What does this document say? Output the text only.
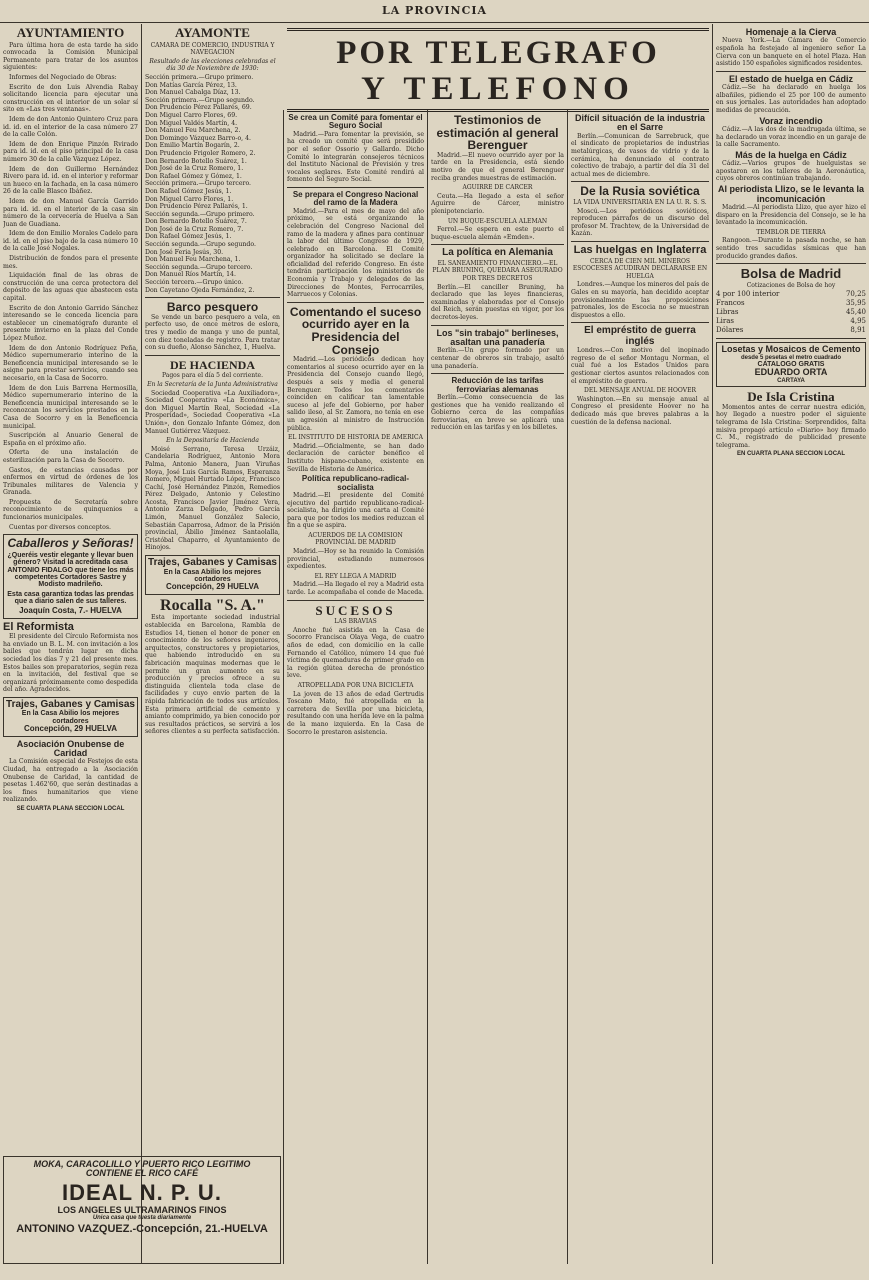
LA PROVINCIA
POR TELEGRAFO
Y TELEFONO
AYUNTAMIENTO

Para última hora de esta tarde ha sido convocada la Comisión Municipal Permanente para tratar de los asuntos siguientes:

Informes del Negociado de Obras:

Escrito de don Luis Alvendia Rabay solicitando licencia para ejecutar una construcción en el interior de un solar sí sito en «Las tres ventanas».

Idem de don Antonio Quintero Cruz para id. id. en el interior de la casa número 27 de la calle Colón.

Idem de don Enrique Pinzón Rvirado para id. id. en el piso principal de la casa número 30 de la calle Vázquez López.

Idem de don Guillermo Hernández Rivero para id. id. en el interior y reformar un hueco en la fachada, en la casa número 26 de la calle Blasco Ibáñez.

Idem de don Manuel García Garrido para id. id. en el interior de la casa sin número de la cervecería de Huelva a San Juan de Guadiana.

Idem de don Emilio Morales Cadelo para id. id. en el piso bajo de la casa número 10 de la calle José Nogales.

Distribución de fondos para el presente mes.

Liquidación final de las obras de construcción de una cerca protectora del depósito de las aguas que abastecen esta capital.

Escrito de don Antonio Garrido Sánchez interesando se le conceda licencia para establecer un cinematógrafo durante el presente invierno en la plaza del Conde López Muñoz.

Idem de don Antonio Rodríguez Peña, Médico supernumerario interino de la Beneficencia municipal interesando se le asigne para prestar servicios, cuando sea necesario, en la Casa de Socorro.

Idem de don Luis Barrena Hermosilla, Médico supernumerario interino de la Beneficencia municipal interesando se le reconozcan los servicios prestados en la Casa de Socorro y en la Beneficencia municipal.

Suscripción al Anuario General de España en el próximo año.

Oferta de una instalación de esterilización para la Casa de Socorro.

Gastos, de estancias causadas por enfermos en virtud de órdenes de los Tribunales militares de Valencia y Granada.

Propuesta de Secretaría sobre reconocimiento de quinquenios a funcionarios municipales.

Cuentas por diversos conceptos.

Caballeros y Señoras!
¿Queréis vestir elegante y llevar buen género? Visitad la acreditada casa ANTONIO FIDALGO que tiene los más competentes Cortadores Sastre y Modisto madrileño.
Esta casa garantiza todas las prendas que a diario salen de sus talleres.
Joaquín Costa, 7.- HUELVA
El Reformista

El presidente del Círculo Reformista nos ha enviado un B. L. M. con invitación a los bailes que tendrán lugar en dicha sociedad los días 7 y 21 del presente mes. Estos bailes son preparatorios, según reza en la invitación, del festival que se organizará próximamente como despedida del año. Agradecidos.

Trajes, Gabanes y Camisas
En la Casa Abilio los mejores cortadores
Concepción, 29 HUELVA
Asociación Onubense de Caridad

La Comisión especial de Festejos de esta Ciudad, ha entregado a la Asociación Onubense de Caridad, la cantidad de pesetas 1.462'60, que serán destinadas a los fines humanitarios que viene realizando.

SE CUARTA PLANA SECCION LOCAL
AYAMONTE
CAMARA DE COMERCIO, INDUSTRIA Y NAVEGACION
Resultado de las elecciones celebradas el día 30 de Noviembre de 1930:
Sección primera.—Grupo primero.
Don Matías García Pérez, 13.
Don Manuel Cabalga Díaz, 13.
Sección primera.—Grupo segundo.
Don Prudencio Pérez Pallarés, 69.
Don Miguel Carro Flores, 69.
Don Miguel Valdés Martín, 4.
Don Manuel Feu Marchena, 2.
Don Domingo Vázquez Barro-o, 4.
Don Emilio Martín Bogarín, 2.
Don Prudencio Frigoler Romero, 2.
Don Bernardo Botello Suárez, 1.
Don José de la Cruz Romero, 1.
Don Rafael Gómez y Gómez, 1.
Sección primera.—Grupo tercero.
Don Rafael Gómez Jesús, 1.
Don Miguel Carro Flores, 1.
Don Prudencio Pérez Pallarés, 1.
Sección segunda.—Grupo primero.
Don Bernardo Botello Suárez, 7.
Don José de la Cruz Romero, 7.
Don Rafael Gómez Jesús, 1.
Sección segunda.—Grupo segundo.
Don José Feria Jesús, 30.
Don Manuel Feu Marchena, 1.
Sección segunda.—Grupo tercero.
Don Manuel Ríos Martín, 14.
Sección tercera.—Grupo único.
Don Cayetano Ojeda Fernández, 2.
Barco pesquero

Se vende un barco pesquero a vela, en perfecto uso, de once metros de eslora, tres y medio de manga y uno de puntal, con diez toneladas de registro. Para tratar con su dueño, Alonso Sánchez, 1, Huelva.

DE HACIENDA
Pagos para el día 5 del corriente.
En la Secretaría de la Junta Administrativa

Sociedad Cooperativa «La Auxiliadora», Sociedad Cooperativa «La Económica», don Miguel Martín Real, Sociedad «La Prosperidad», Sociedad Cooperativa «La Unión», don Gonzalo Infante Gómez, don Manuel Gutiérrez Vázquez.

En la Depositaría de Hacienda

Moisé Serrano, Teresa Urzáiz, Candelaria Rodríguez, Antonio Mora Palma, Antonio Manera, Juan Viruñas Moya, José Luis García Ramos, Esperanza Romero, Miguel Hurtado López, Francisco Cachí, José Hernández Pinzón, Remedios Pérez Delgado, Antonio y Celestino Acosta, Francisco Javier Jiménez Vera, Antonio Zarza Delgado, Pedro García Limón, Manuel González Salecio, Sebastián Caparrosa, Admor. de la Prisión provincial, Abilio Jiménez Santaolalla, Cristóbal Chaparro, el Ayuntamiento de Hinojos.

Trajes, Gabanes y Camisas
En la Casa Abilio los mejores cortadores
Concepción, 29 HUELVA
Rocalla "S. A."

Esta importante sociedad industrial establecida en Barcelona, Rambla de Estudios 14, tienen el honor de poner en conocimiento de los señores ingenieros, arquitectos, constructores y propietarios, que habiendo introducido en su fabricación maquinas modernas que le permite un gran aumento en su producción y precios ofrece a su distinguida clientela toda clase de facilidades y cuyo envío parten de la rápida fabricación de todos sus artículos. Esta primera artificial de cemento y amianto comprimido, ya bien conocido por sus resultados prácticos, se servirá a los señores clientes a su perfecta satisfacción.

Se crea un Comité para fomentar el Seguro Social

Madrid.—Para fomentar la previsión, se ha creado un comité que será presidido por el señor Ossorio y Gallardo. Dicho Comité lo integrarán consejeros técnicos del Instituto Nacional de Previsión y tres vocales seglares. Este Comité rendirá al fomento del Seguro Social.

Se prepara el Congreso Nacional del ramo de la Madera

Madrid.—Para el mes de mayo del año próximo, se está organizando la celebración del Congreso Nacional del ramo de la madera y afines para continuar la labor del último Congreso de 1929, celebrado en Barcelona. El Comité organizador ha solicitado se declare la oficialidad del referido Congreso. En éste tendrán participación los ministerios de Economía y Trabajo y delegados de las Direcciones de Montes, Ferrocarriles, Marruecos y Colonias.

Comentando el suceso ocurrido ayer en la Presidencia del Consejo

Madrid.—Los periódicos dedican hoy comentarios al suceso ocurrido ayer en la Presidencia del Consejo cuando llegó, después a seis y media el general Berenguer. Todos los comentarios coinciden en calificar tan lamentable suceso al jefe del Gobierno, por haber salido ileso, al Sr. Zamora, no tenía en ese un agresión al ministro de Instrucción pública.

EL INSTITUTO DE HISTORIA DE AMERICA

Madrid.—Oficialmente, se han dado declaración de carácter benéfico el Instituto hispano-cubano, existente en Sevilla de Historia de América.

Política republicano-radical-socialista

Madrid.—El presidente del Comité ejecutivo del partido republicano-radical-socialista, ha dirigido una carta al Comité para que por todos los medios reduzcan el fin a que se aspira.

ACUERDOS DE LA COMISION PROVINCIAL DE MADRID

Madrid.—Hoy se ha reunido la Comisión provincial, estudiando numerosos expedientes.

EL REY LLEGA A MADRID

Madrid.—Ha llegado el rey a Madrid esta tarde. Le acompañaba el conde de Maceda.

SUCESOS
LAS BRAVIAS

Anoche fué asistida en la Casa de Socorro Francisca Olaya Vega, de cuatro años de edad, con domicilio en la calle Fernando el Católico, número 14 que fué víctima de quemaduras de primer grado en la región glútea derecha de pronóstico leve.

ATROPELLADA POR UNA BICICLETA

La joven de 13 años de edad Gertrudis Toscano Mato, fué atropellada en la carretera de Sevilla por una bicicleta, resultando con una herida leve en la palma de la mano izquierda. En la Casa de Socorro le prestaron asistencia.

Testimonios de estimación al general Berenguer

Madrid.—El nuevo ocurrido ayer por la tarde en la Presidencia, está siendo motivo de que el general Berenguer reciba grandes muestras de estimación.

AGUIRRE DE CARCER

Ceuta.—Ha llegado a esta el señor Aguirre de Cárcer, ministro plenipotenciario.

UN BUQUE-ESCUELA ALEMAN

Ferrol.—Se espera en este puerto el buque-escuela alemán «Emden».

La política en Alemania
EL SANEAMIENTO FINANCIERO.—EL PLAN BRUNING, QUEDARA ASEGURADO POR TRES DECRETOS

Berlín.—El canciller Bruning, ha declarado que las leyes financieras, examinadas y elaboradas por el Consejo del Reich, serán puestas en vigor, por los decretos-leyes.

Los "sin trabajo" berlineses, asaltan una panadería

Berlín.—Un grupo formado por un centenar de obreros sin trabajo, asaltó una panadería.

Reducción de las tarifas ferroviarias alemanas

Berlín.—Como consecuencia de las gestiones que ha venido realizando el Gobierno cerca de las compañías ferroviarias, en breve se aplicará una reducción en las tarifas y en los billetes.

Difícil situación de la industria en el Sarre

Berlín.—Comunican de Sarrebruck, que el sindicato de propietarios de industrias metalúrgicas, de vasos de vidrio y de la cerámica, ha denunciado el contrato colectivo de trabajo, a partir del día 31 del actual mes de diciembre.

De la Rusia soviética
LA VIDA UNIVERSITARIA EN LA U. R. S. S.

Moscú.—Los periódicos soviéticos, reproducen párrafos de un discurso del profesor M. Trachtew, de la Universidad de Kazán.

Las huelgas en Inglaterra
CERCA DE CIEN MIL MINEROS ESCOCESES ACUDIRAN DECLARARSE EN HUELGA

Londres.—Aunque los mineros del país de Gales en su mayoría, han decidido aceptar provisionalmente las proposiciones patronales, los de Escocia no se muestran dispuestos a ello.

El empréstito de guerra inglés

Londres.—Con motivo del inopinado regreso de el señor Montagu Norman, el cual fué a los Estados Unidos para gestionar ciertos asuntos relacionados con el empréstito de guerra.

DEL MENSAJE ANUAL DE HOOVER

Washington.—En su mensaje anual al Congreso el presidente Hoover no ha dedicado más que breves palabras a la cuestión de la defensa nacional.

Homenaje a la Cierva

Nueva York.—La Cámara de Comercio española ha festejado al ingeniero señor La Cierva con un banquete en el hotel Plaza. Han asistido 150 españoles significados residentes.

El estado de huelga en Cádiz

Cádiz.—Se ha declarado en huelga los albañiles, pidiendo el 25 por 100 de aumento en sus jornales. Las autoridades han adoptado medidas de precaución.

Voraz incendio

Cádiz.—A las dos de la madrugada última, se ha declarado un voraz incendio en un garaje de la calle Sacramento.

Más de la huelga en Cádiz

Cádiz.—Varios grupos de huelguistas se apostaron en los talleres de la Aeronáutica, cuyos obreros continúan trabajando.

Al periodista Llizo, se le levanta la incomunicación

Madrid.—Al periodista Llizo, que ayer hizo el disparo en la Presidencia del Consejo, se le ha levantado la incomunicación.

TEMBLOR DE TIERRA

Rangoon.—Durante la pasada noche, se han sentido tres sacudidas sísmicas que han producido grandes daños.

Bolsa de Madrid
Cotizaciones de Bolsa de hoy
4 por 100 interior	70,25
Francos	35,95
Libras	45,40
Liras	4,95
Dólares	8,91
Losetas y Mosaicos de Cemento
desde 5 pesetas el metro cuadrado
CATALOGO GRATIS
EDUARDO ORTA
CARTAYA
De Isla Cristina

Momentos antes de cerrar nuestra edición, hoy llegado a nuestro poder el siguiente telegrama de Isla Cristina: Sorprendidos, falta misiva propagó artículo «Diario» hoy firmado C. M., registrado de publicidad presente telegrama.

EN CUARTA PLANA SECCION LOCAL
MOKA, CARACOLILLO Y PUERTO RICO LEGITIMO
CONTIENE EL RICO CAFÉ
IDEAL N. P. U.
LOS ANGELES ULTRAMARINOS FINOS
Unica casa que tuesta diariamente
ANTONINO VAZQUEZ.-Concepción, 21.-HUELVA
